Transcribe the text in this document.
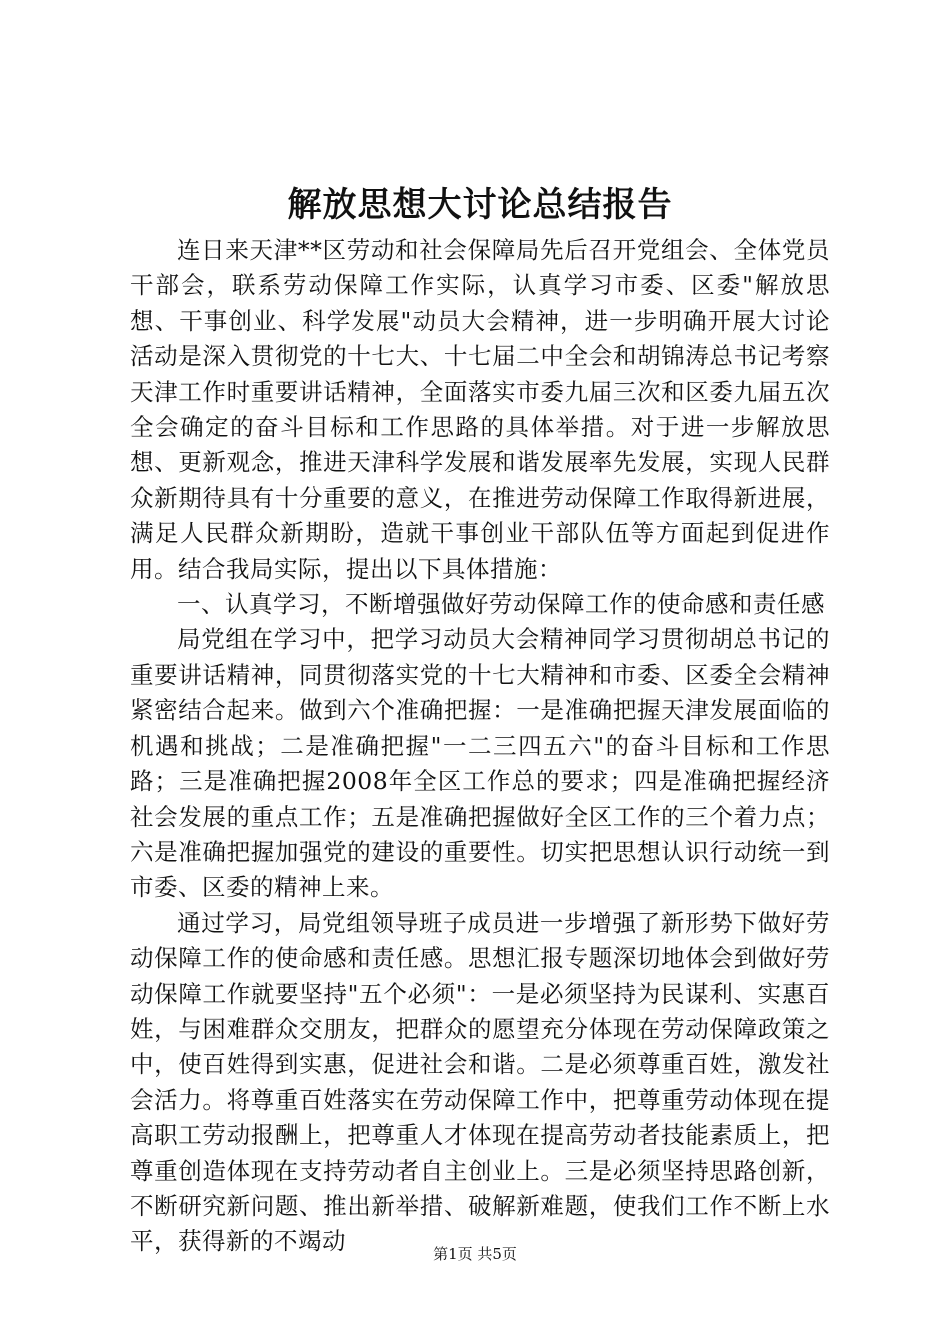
解放思想大讨论总结报告

连日来天津**区劳动和社会保障局先后召开党组会、全体党员干部会，联系劳动保障工作实际，认真学习市委、区委"解放思想、干事创业、科学发展"动员大会精神，进一步明确开展大讨论活动是深入贯彻党的十七大、十七届二中全会和胡锦涛总书记考察天津工作时重要讲话精神，全面落实市委九届三次和区委九届五次全会确定的奋斗目标和工作思路的具体举措。对于进一步解放思想、更新观念，推进天津科学发展和谐发展率先发展，实现人民群众新期待具有十分重要的意义，在推进劳动保障工作取得新进展，满足人民群众新期盼，造就干事创业干部队伍等方面起到促进作用。结合我局实际，提出以下具体措施：

一、认真学习，不断增强做好劳动保障工作的使命感和责任感

局党组在学习中，把学习动员大会精神同学习贯彻胡总书记的重要讲话精神，同贯彻落实党的十七大精神和市委、区委全会精神紧密结合起来。做到六个准确把握：一是准确把握天津发展面临的机遇和挑战；二是准确把握"一二三四五六"的奋斗目标和工作思路；三是准确把握2008年全区工作总的要求；四是准确把握经济社会发展的重点工作；五是准确把握做好全区工作的三个着力点；六是准确把握加强党的建设的重要性。切实把思想认识行动统一到市委、区委的精神上来。

通过学习，局党组领导班子成员进一步增强了新形势下做好劳动保障工作的使命感和责任感。思想汇报专题深切地体会到做好劳动保障工作就要坚持"五个必须"：一是必须坚持为民谋利、实惠百姓，与困难群众交朋友，把群众的愿望充分体现在劳动保障政策之中，使百姓得到实惠，促进社会和谐。二是必须尊重百姓，激发社会活力。将尊重百姓落实在劳动保障工作中，把尊重劳动体现在提高职工劳动报酬上，把尊重人才体现在提高劳动者技能素质上，把尊重创造体现在支持劳动者自主创业上。三是必须坚持思路创新，不断研究新问题、推出新举措、破解新难题，使我们工作不断上水平，获得新的不竭动	第1页 共5页
